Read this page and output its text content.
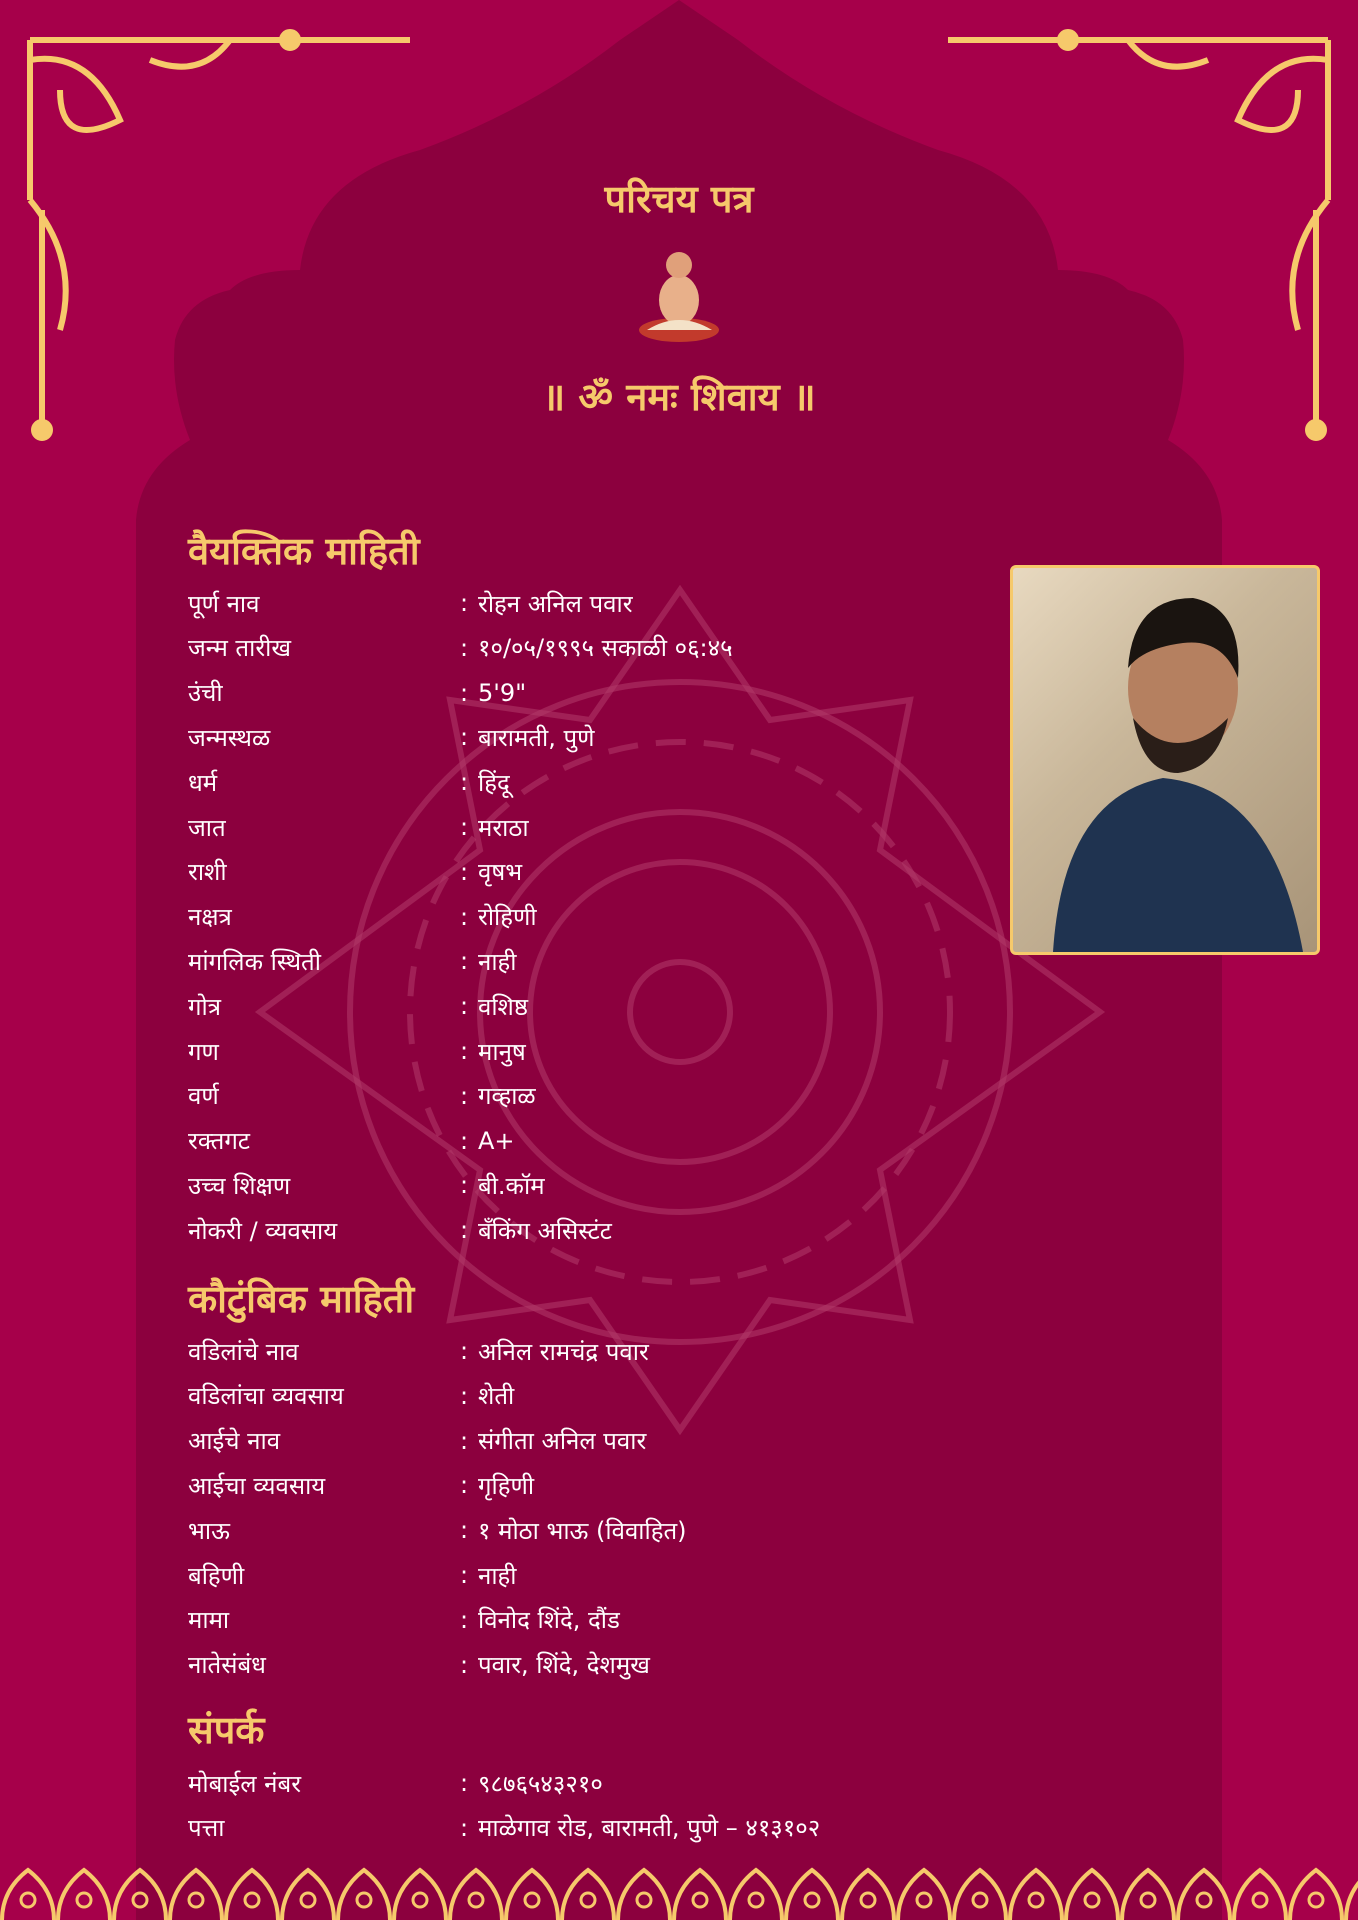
परिचय पत्र
॥ ॐ नमः शिवाय ॥
वैयक्तिक माहिती
कौटुंबिक माहिती
संपर्क
पूर्ण नाव	: रोहन अनिल पवार
जन्म तारीख	: १०/०५/१९९५ सकाळी ०६:४५
उंची	: 5'9"
जन्मस्थळ	: बारामती, पुणे
धर्म	: हिंदू
जात	: मराठा
राशी	: वृषभ
नक्षत्र	: रोहिणी
मांगलिक स्थिती	: नाही
गोत्र	: वशिष्ठ
गण	: मानुष
वर्ण	: गव्हाळ
रक्तगट	: A+
उच्च शिक्षण	: बी.कॉम
नोकरी / व्यवसाय	: बँकिंग असिस्टंट
वडिलांचे नाव	: अनिल रामचंद्र पवार
वडिलांचा व्यवसाय	: शेती
आईचे नाव	: संगीता अनिल पवार
आईचा व्यवसाय	: गृहिणी
भाऊ	: १ मोठा भाऊ (विवाहित)
बहिणी	: नाही
मामा	: विनोद शिंदे, दौंड
नातेसंबंध	: पवार, शिंदे, देशमुख
मोबाईल नंबर	: ९८७६५४३२१०
पत्ता	: माळेगाव रोड, बारामती, पुणे – ४१३१०२
